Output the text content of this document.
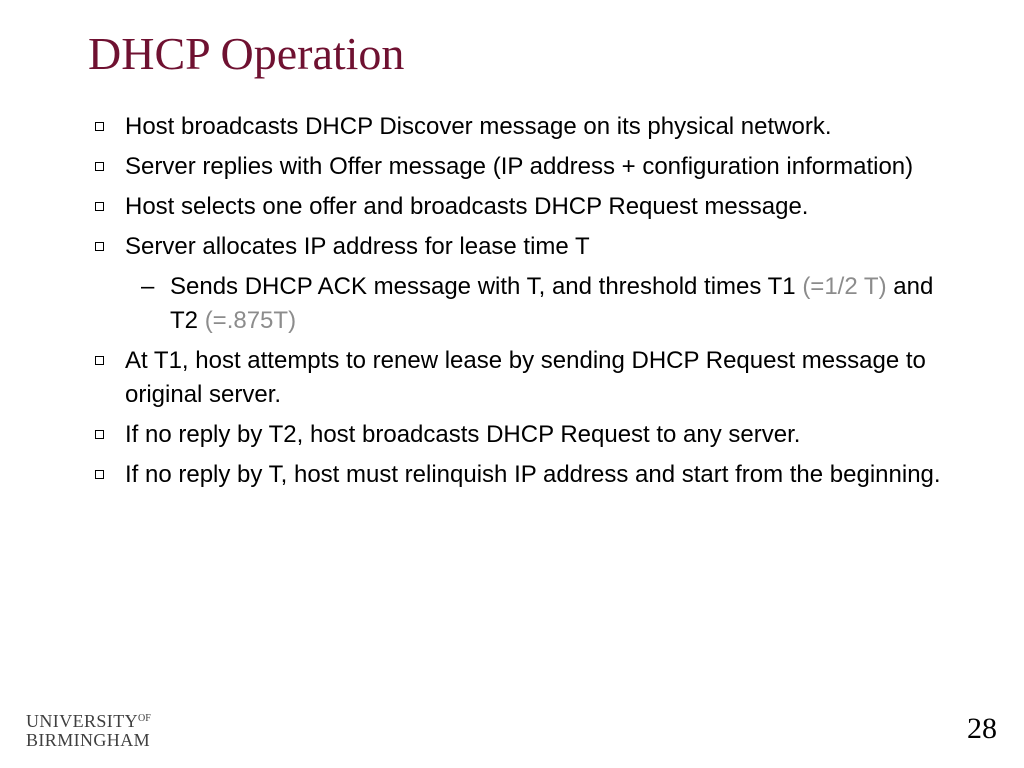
DHCP Operation
Host broadcasts DHCP Discover message on its physical network.
Server replies with Offer message (IP address + configuration information)
Host selects one offer and broadcasts DHCP Request message.
Server allocates IP address for lease time T
– Sends DHCP ACK message with T, and threshold times T1 (=1/2 T) and T2 (=.875T)
At T1, host attempts to renew lease by sending DHCP Request message to original server.
If no reply by T2, host broadcasts DHCP Request to any server.
If no reply by T, host must relinquish IP address and start from the beginning.
$UNIVERSITY^{OF}$
BIRMINGHAM	28
